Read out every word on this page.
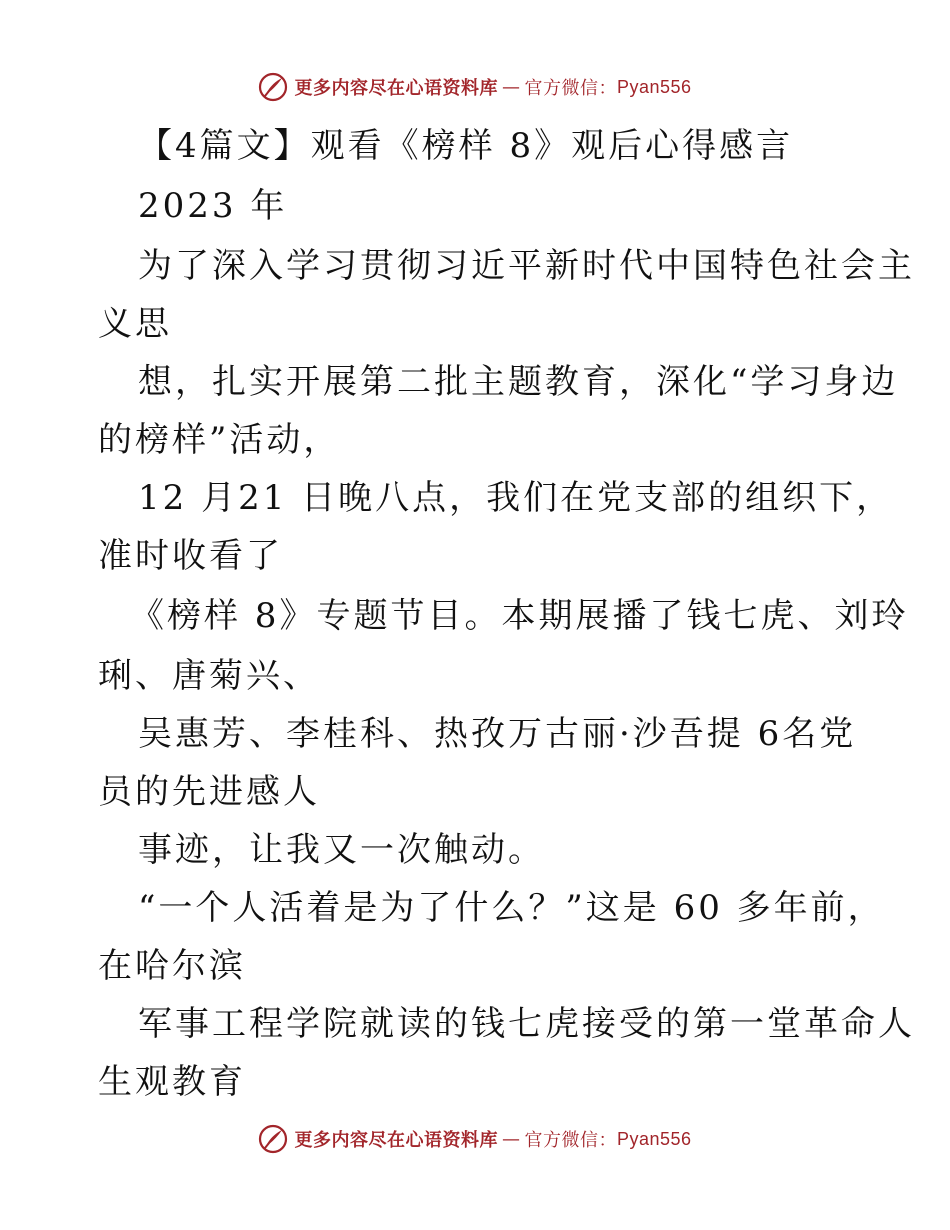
更多内容尽在心语资料库 — 官方微信： Pyan556
【4篇文】观看《榜样 8》观后心得感言
2023 年
为了深入学习贯彻习近平新时代中国特色社会主
义思
想，扎实开展第二批主题教育，深化“学习身边
的榜样”活动，
12 月21 日晚八点，我们在党支部的组织下，
准时收看了
《榜样 8》专题节目。本期展播了钱七虎、刘玲
琍、唐菊兴、
吴惠芳、李桂科、热孜万古丽·沙吾提 6名党
员的先进感人
事迹，让我又一次触动。
“一个人活着是为了什么？”这是 60 多年前，
在哈尔滨
军事工程学院就读的钱七虎接受的第一堂革命人
生观教育
更多内容尽在心语资料库 — 官方微信： Pyan556
